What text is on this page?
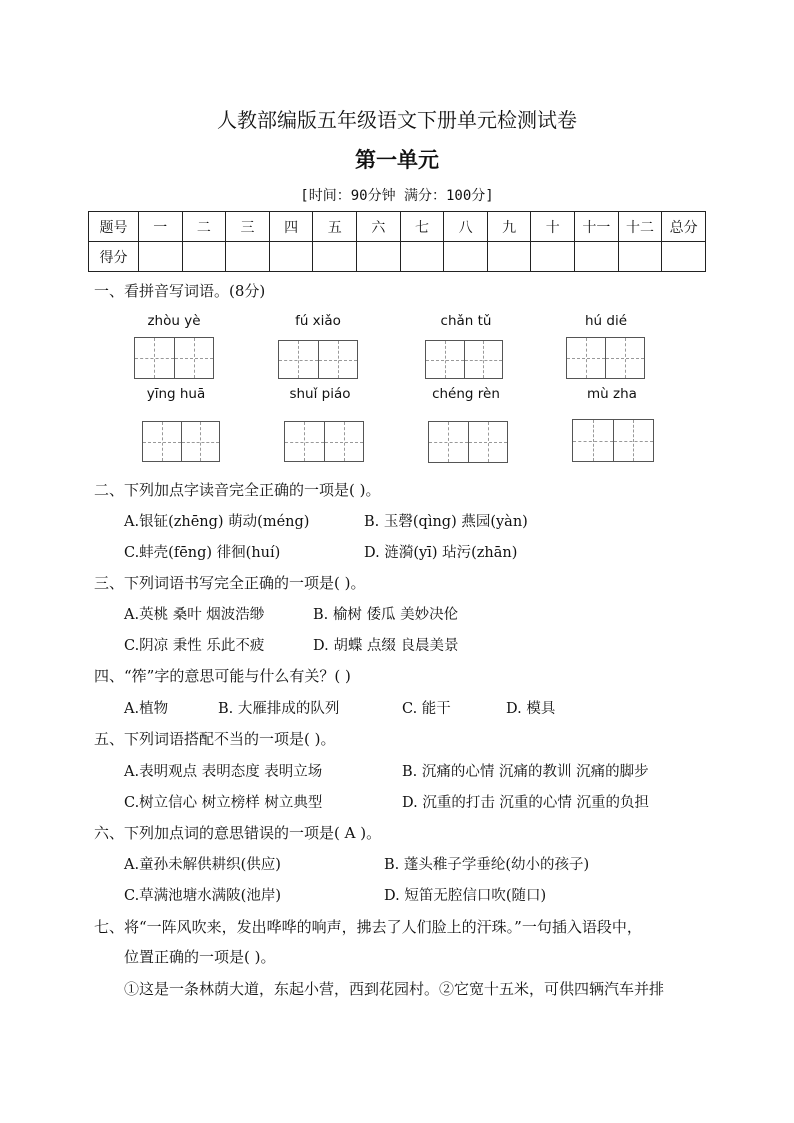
人教部编版五年级语文下册单元检测试卷
第一单元
[时间：90分钟 满分：100分]
题号	一	二	三	四	五	六	七	八	九	十	十一	十二	总分
得分													
一、看拼音写词语。(8分)
zhòu yè	fú xiǎo	chǎn tǔ	hú dié
yīng huā	shuǐ piáo	chéng rèn	mù zha
二、下列加点字读音完全正确的一项是( )。
A.银钲(zhēng) 萌动(méng)	B. 玉磬(qìng) 燕园(yàn)
C.蚌壳(fēng) 徘徊(huí)	D. 涟漪(yī) 玷污(zhān)
三、下列词语书写完全正确的一项是( )。
A.英桃 桑叶 烟波浩缈	B. 榆树 倭瓜 美妙决伦
C.阴凉 秉性 乐此不疲	D. 胡蝶 点缀 良晨美景
四、“筰”字的意思可能与什么有关？( )
A.植物	B. 大雁排成的队列	C. 能干	D. 模具
五、下列词语搭配不当的一项是( )。
A.表明观点 表明态度 表明立场	B. 沉痛的心情 沉痛的教训 沉痛的脚步
C.树立信心 树立榜样 树立典型	D. 沉重的打击 沉重的心情 沉重的负担
六、下列加点词的意思错误的一项是( A )。
A.童孙未解供耕织(供应)	B. 蓬头稚子学垂纶(幼小的孩子)
C.草满池塘水满陂(池岸)	D. 短笛无腔信口吹(随口)
七、将“一阵风吹来，发出哗哗的响声，拂去了人们脸上的汗珠。”一句插入语段中，
位置正确的一项是( )。
①这是一条林荫大道，东起小营，西到花园村。②它宽十五米，可供四辆汽车并排
